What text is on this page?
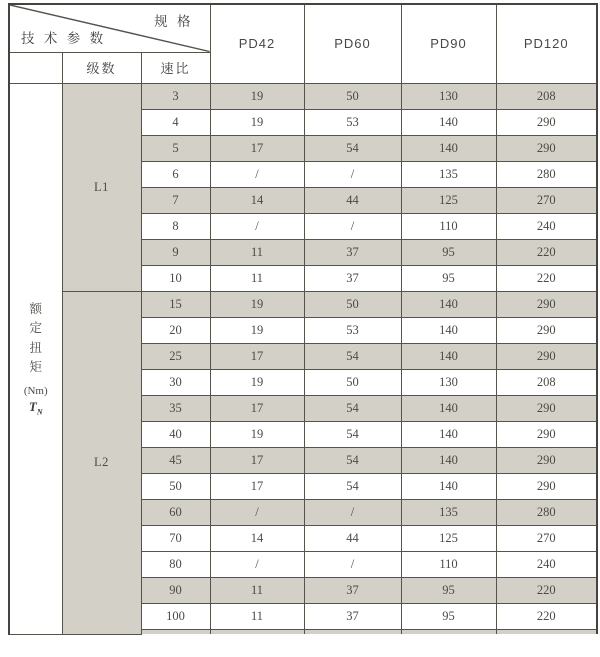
规 格
技 术 参 数			PD42	PD60	PD90	PD120
	级数	速比				

额定扭矩
(Nm)
$T_N$	L1	3	19	50	130	208
		4	19	53	140	290
		5	17	54	140	290
		6	/	/	135	280
		7	14	44	125	270
		8	/	/	110	240
		9	11	37	95	220
		10	11	37	95	220
	L2	15	19	50	140	290
		20	19	53	140	290
		25	17	54	140	290
		30	19	50	130	208
		35	17	54	140	290
		40	19	54	140	290
		45	17	54	140	290
		50	17	54	140	290
		60	/	/	135	280
		70	14	44	125	270
		80	/	/	110	240
		90	11	37	95	220
		100	11	37	95	220
